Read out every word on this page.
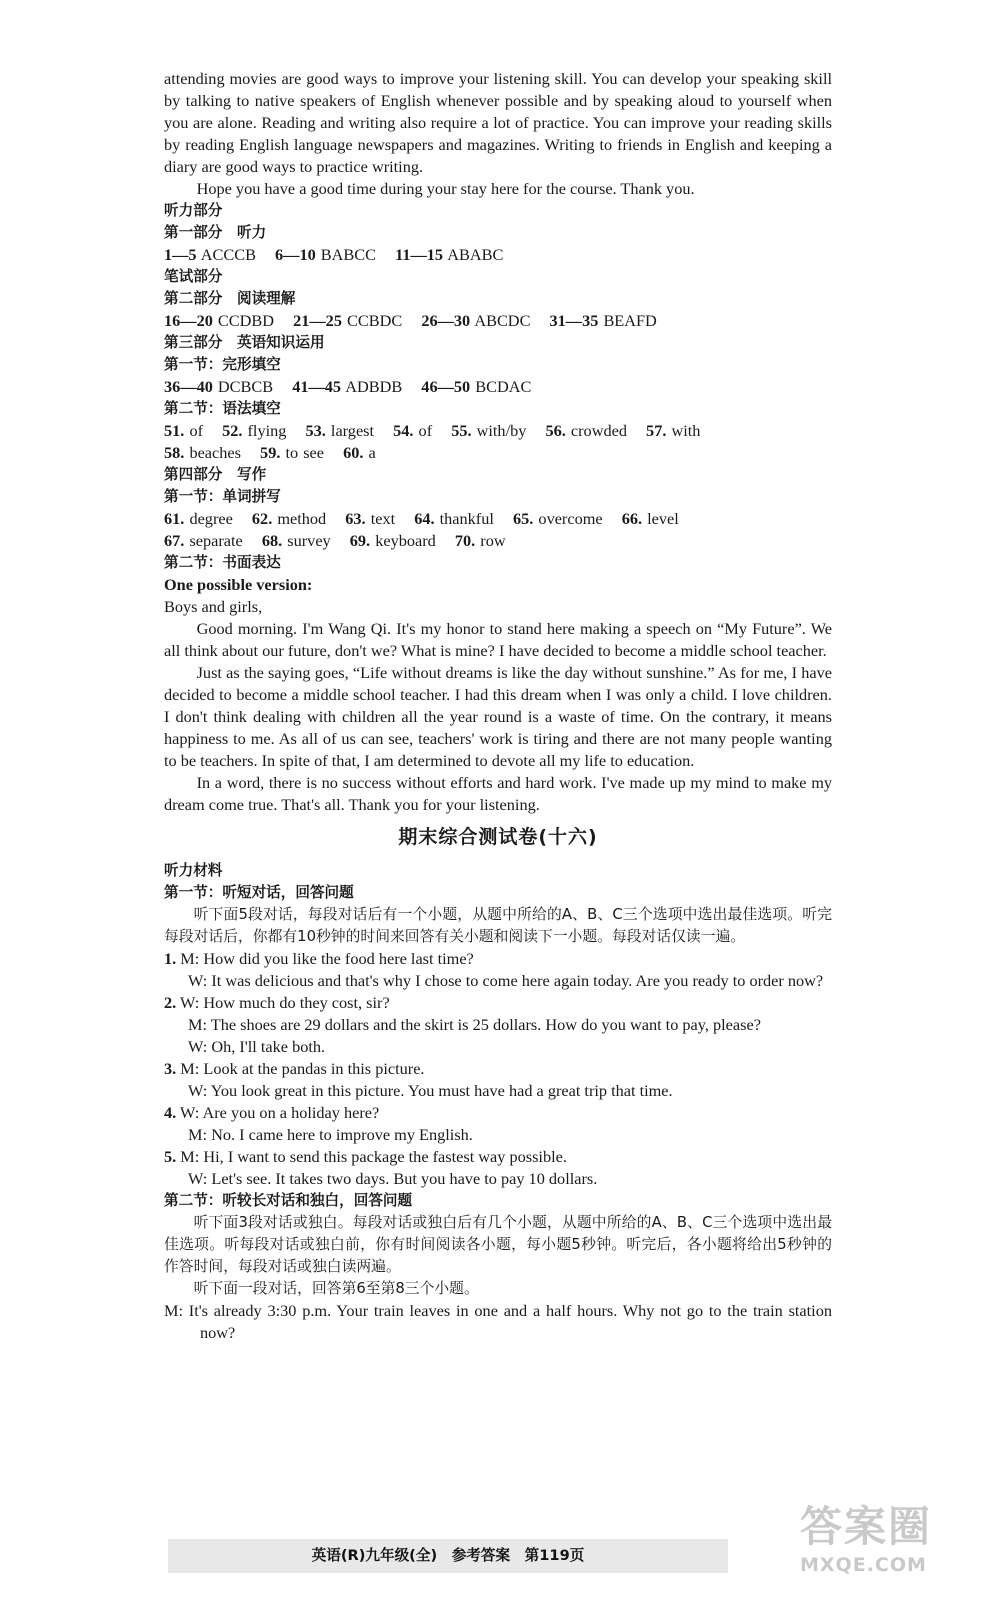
attending movies are good ways to improve your listening skill. You can develop your speaking skill by talking to native speakers of English whenever possible and by speaking aloud to yourself when you are alone. Reading and writing also require a lot of practice. You can improve your reading skills by reading English language newspapers and magazines. Writing to friends in English and keeping a diary are good ways to practice writing.

Hope you have a good time during your stay here for the course. Thank you.

听力部分

第一部分　听力

1—5 ACCCB 6—10 BABCC 11—15 ABABC

笔试部分

第二部分　阅读理解

16—20 CCDBD 21—25 CCBDC 26—30 ABCDC 31—35 BEAFD

第三部分　英语知识运用

第一节：完形填空

36—40 DCBCB 41—45 ADBDB 46—50 BCDAC

第二节：语法填空

51. of 52. flying 53. largest 54. of 55. with/by 56. crowded 57. with

58. beaches 59. to see 60. a

第四部分　写作

第一节：单词拼写

61. degree 62. method 63. text 64. thankful 65. overcome 66. level

67. separate 68. survey 69. keyboard 70. row

第二节：书面表达

One possible version:

Boys and girls,

Good morning. I'm Wang Qi. It's my honor to stand here making a speech on “My Future”. We all think about our future, don't we? What is mine? I have decided to become a middle school teacher.

Just as the saying goes, “Life without dreams is like the day without sunshine.” As for me, I have decided to become a middle school teacher. I had this dream when I was only a child. I love children. I don't think dealing with children all the year round is a waste of time. On the contrary, it means happiness to me. As all of us can see, teachers' work is tiring and there are not many people wanting to be teachers. In spite of that, I am determined to devote all my life to education.

In a word, there is no success without efforts and hard work. I've made up my mind to make my dream come true. That's all. Thank you for your listening.

期末综合测试卷(十六)

听力材料

第一节：听短对话，回答问题

听下面5段对话，每段对话后有一个小题，从题中所给的A、B、C三个选项中选出最佳选项。听完每段对话后，你都有10秒钟的时间来回答有关小题和阅读下一小题。每段对话仅读一遍。

1. M: How did you like the food here last time?
W: It was delicious and that's why I chose to come here again today. Are you ready to order now?
2. W: How much do they cost, sir?
M: The shoes are 29 dollars and the skirt is 25 dollars. How do you want to pay, please?
W: Oh, I'll take both.
3. M: Look at the pandas in this picture.
W: You look great in this picture. You must have had a great trip that time.
4. W: Are you on a holiday here?
M: No. I came here to improve my English.
5. M: Hi, I want to send this package the fastest way possible.
W: Let's see. It takes two days. But you have to pay 10 dollars.

第二节：听较长对话和独白，回答问题

听下面3段对话或独白。每段对话或独白后有几个小题，从题中所给的A、B、C三个选项中选出最佳选项。听每段对话或独白前，你有时间阅读各小题，每小题5秒钟。听完后，各小题将给出5秒钟的作答时间，每段对话或独白读两遍。

听下面一段对话，回答第6至第8三个小题。

M: It's already 3:30 p.m. Your train leaves in one and a half hours. Why not go to the train station now?

英语(R)九年级(全)　参考答案　第119页
答案圈
MXQE.COM
